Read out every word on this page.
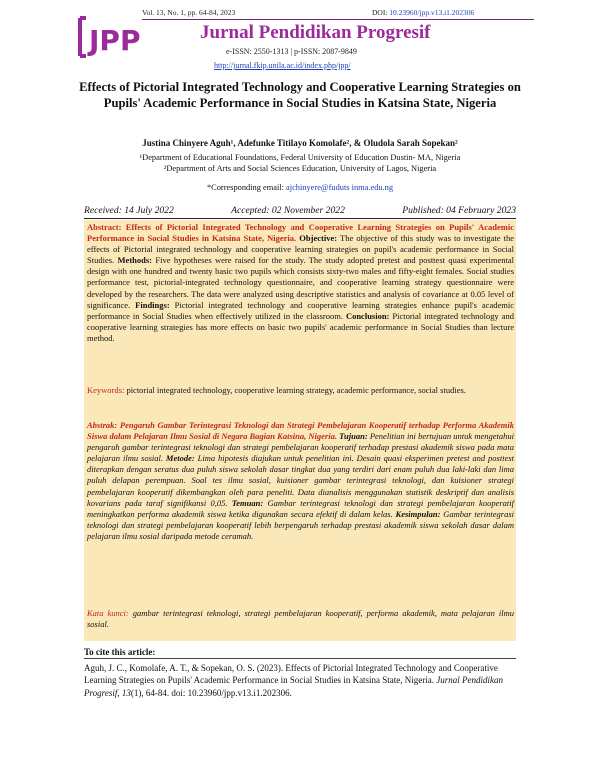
Vol. 13, No. 1, pp. 64-84, 2023	DOI: 10.23960/jpp.v13.i1.202306
JPP	Jurnal Pendidikan Progresif
e-ISSN: 2550-1313 | p-ISSN: 2087-9849
http://jurnal.fkip.unila.ac.id/index.php/jpp/
Effects of Pictorial Integrated Technology and Cooperative Learning Strategies on Pupils' Academic Performance in Social Studies in Katsina State, Nigeria
Justina Chinyere Aguh¹, Adefunke Titilayo Komolafe², & Oludola Sarah Sopekan²
¹Department of Educational Foundations, Federal University of Education Dustin- MA, Nigeria
²Department of Arts and Social Sciences Education, University of Lagos, Nigeria
*Corresponding email: ajchinyere@fuduts inma.edu.ng
Received: 14 July 2022	Accepted: 02 November 2022	Published: 04 February 2023
Abstract: Effects of Pictorial Integrated Technology and Cooperative Learning Strategies on Pupils' Academic Performance in Social Studies in Katsina State, Nigeria. Objective: The objective of this study was to investigate the effects of Pictorial integrated technology and cooperative learning strategies on pupil's academic performance in Social Studies. Methods: Five hypotheses were raised for the study. The study adopted pretest and posttest quasi experimental design with one hundred and twenty basic two pupils which consists sixty-two males and fifty-eight females. Social studies performance test, pictorial-integrated technology questionnaire, and cooperative learning strategy questionnaire were developed by the researchers. The data were analyzed using descriptive statistics and analysis of covariance at 0.05 level of significance. Findings: Pictorial integrated technology and cooperative learning strategies enhance pupil's academic performance in Social Studies when effectively utilized in the classroom. Conclusion: Pictorial integrated technology and cooperative learning strategies has more effects on basic two pupils' academic performance in Social Studies than lecture method.
Keywords: pictorial integrated technology, cooperative learning strategy, academic performance, social studies.
Abstrak: Pengaruh Gambar Terintegrasi Teknologi dan Strategi Pembelajaran Kooperatif terhadap Performa Akademik Siswa dalam Pelajaran Ilmu Sosial di Negara Bagian Katsina, Nigeria. Tujuan: Penelitian ini bertujuan untuk mengetahui pengaruh gambar terintegrasi teknologi dan strategi pembelajaran kooperatif terhadap prestasi akademik siswa pada mata pelajaran ilmu sosial. Metode: Lima hipotesis diajukan untuk penelitian ini. Desain quasi eksperimen pretest and posttest diterapkan dengan seratus dua puluh siswa sekolah dasar tingkat dua yang terdiri dari enam puluh dua laki-laki dan lima puluh delapan perempuan. Soal tes ilmu sosial, kuisioner gambar terintegrasi teknologi, dan kuisioner strategi pembelajaran kooperatif dikembangkan oleh para peneliti. Data dianalisis menggunakan statistik deskriptif dan analisis kovarians pada taraf signifikansi 0,05. Temuan: Gambar terintegrasi teknologi dan strategi pembelajaran kooperatif meningkatkan performa akademik siswa ketika digunakan secara efektif di dalam kelas. Kesimpulan: Gambar terintegrasi teknologi dan strategi pembelajaran kooperatif lebih berpengaruh terhadap prestasi akademik siswa sekolah dasar dalam pelajaran ilmu sosial daripada metode ceramah.
Kata kunci: gambar terintegrasi teknologi, strategi pembelajaran kooperatif, performa akademik, mata pelajaran ilmu sosial.
To cite this article:
Aguh, J. C., Komolafe, A. T., & Sopekan, O. S. (2023). Effects of Pictorial Integrated Technology and Cooperative Learning Strategies on Pupils' Academic Performance in Social Studies in Katsina State, Nigeria. Jurnal Pendidikan Progresif, 13(1), 64-84. doi: 10.23960/jpp.v13.i1.202306.
